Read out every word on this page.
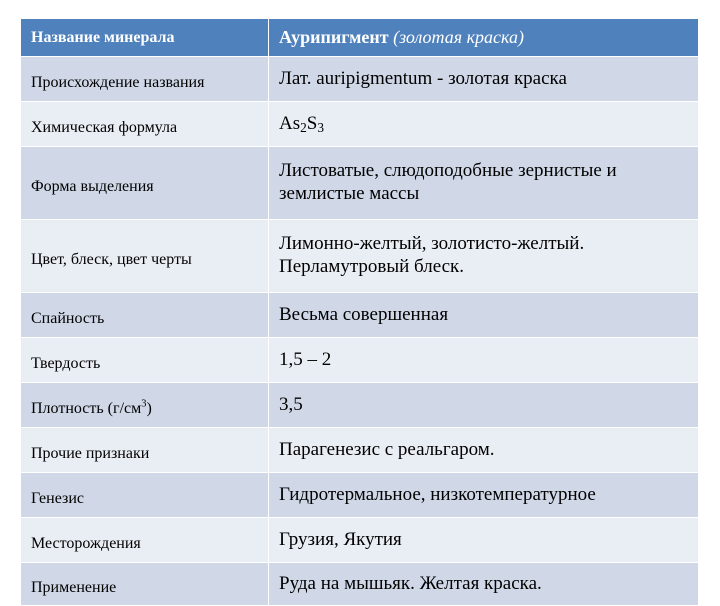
Название минерала	Аурипигмент (золотая краска)
Происхождение названия	Лат. auripigmentum - золотая краска
Химическая формула	$As_2S_3$
Форма выделения	Листоватые, слюдоподобные зернистые и землистые массы
Цвет, блеск, цвет черты	Лимонно-желтый, золотисто-желтый. Перламутровый блеск.
Спайность	Весьма совершенная
Твердость	1,5 – 2
Плотность $(г/см^3)$	3,5
Прочие признаки	Парагенезис с реальгаром.
Генезис	Гидротермальное, низкотемпературное
Месторождения	Грузия, Якутия
Применение	Руда на мышьяк. Желтая краска.
